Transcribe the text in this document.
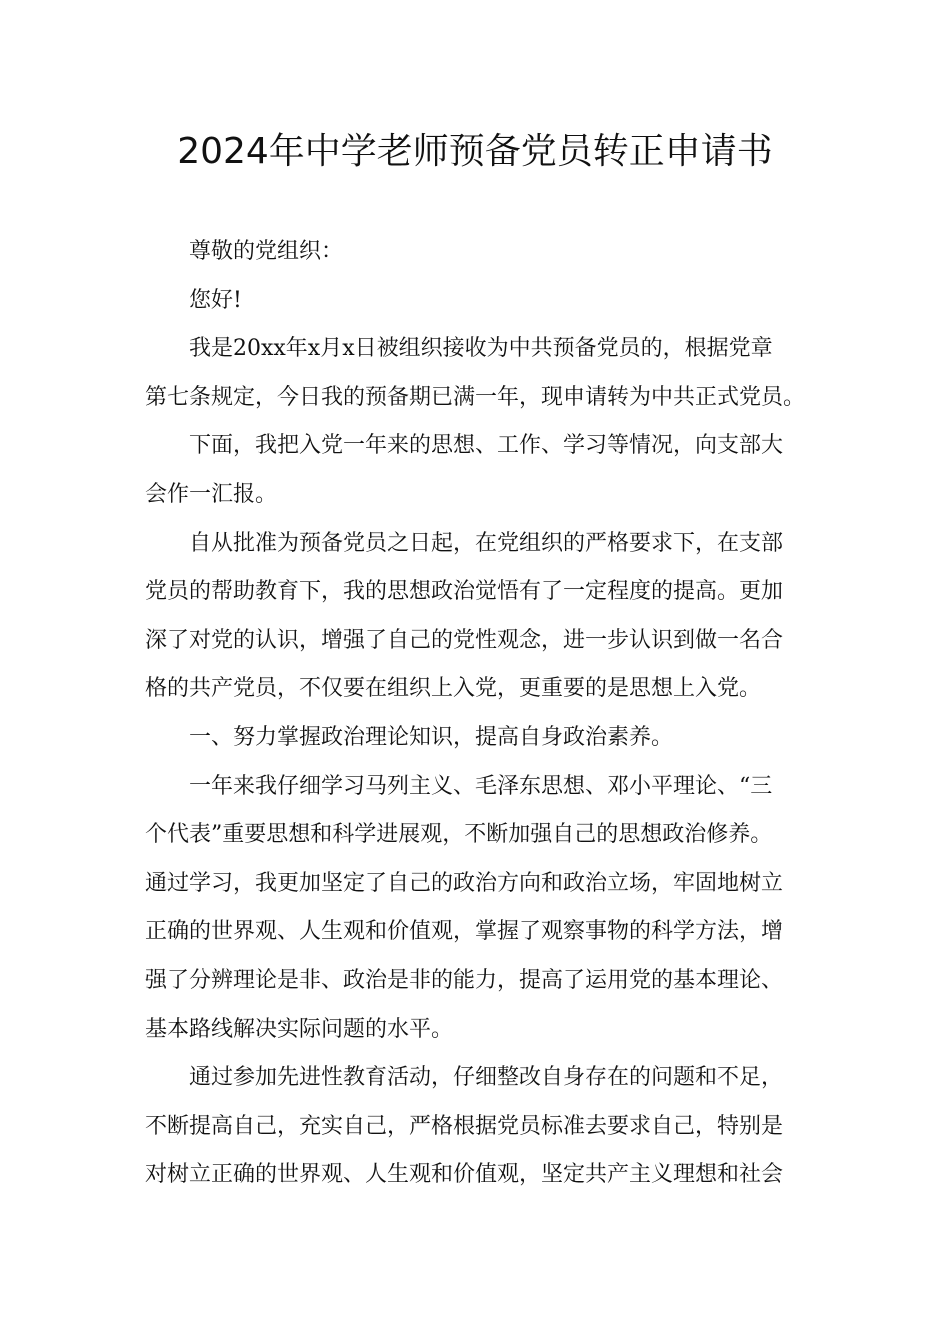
2024年中学老师预备党员转正申请书

尊敬的党组织：

您好!

我是20xx年x月x日被组织接收为中共预备党员的，根据党章
第七条规定，今日我的预备期已满一年，现申请转为中共正式党员。

下面，我把入党一年来的思想、工作、学习等情况，向支部大
会作一汇报。

自从批准为预备党员之日起，在党组织的严格要求下，在支部
党员的帮助教育下，我的思想政治觉悟有了一定程度的提高。更加
深了对党的认识，增强了自己的党性观念，进一步认识到做一名合
格的共产党员，不仅要在组织上入党，更重要的是思想上入党。

一、努力掌握政治理论知识，提高自身政治素养。

一年来我仔细学习马列主义、毛泽东思想、邓小平理论、“三
个代表”重要思想和科学进展观，不断加强自己的思想政治修养。
通过学习，我更加坚定了自己的政治方向和政治立场，牢固地树立
正确的世界观、人生观和价值观，掌握了观察事物的科学方法，增
强了分辨理论是非、政治是非的能力，提高了运用党的基本理论、
基本路线解决实际问题的水平。

通过参加先进性教育活动，仔细整改自身存在的问题和不足，
不断提高自己，充实自己，严格根据党员标准去要求自己，特别是
对树立正确的世界观、人生观和价值观，坚定共产主义理想和社会
